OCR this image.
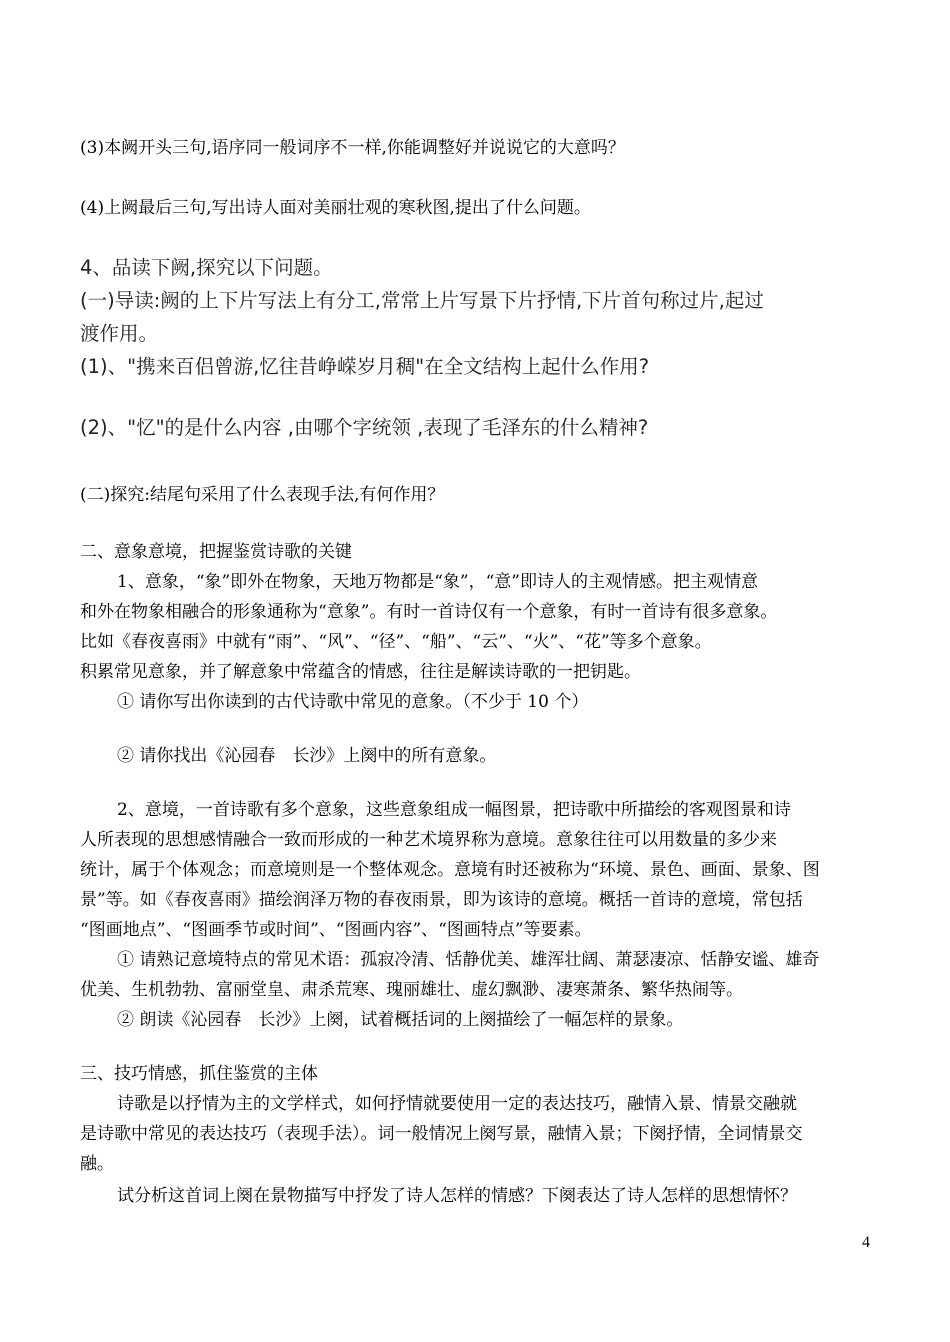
(3)本阙开头三句,语序同一般词序不一样,你能调整好并说说它的大意吗？
(4)上阙最后三句,写出诗人面对美丽壮观的寒秋图,提出了什么问题。
4、品读下阙,探究以下问题。
(一)导读:阙的上下片写法上有分工,常常上片写景下片抒情,下片首句称过片,起过
渡作用。
(1)、"携来百侣曾游,忆往昔峥嵘岁月稠"在全文结构上起什么作用?
(2)、"忆"的是什么内容 ,由哪个字统领 ,表现了毛泽东的什么精神?
(二)探究:结尾句采用了什么表现手法,有何作用？
二、意象意境，把握鉴赏诗歌的关键
1、意象，“象”即外在物象，天地万物都是“象”，“意”即诗人的主观情感。把主观情意
和外在物象相融合的形象通称为“意象”。有时一首诗仅有一个意象，有时一首诗有很多意象。
比如《春夜喜雨》中就有“雨”、“风”、“径”、“船”、“云”、“火”、“花”等多个意象。
积累常见意象，并了解意象中常蕴含的情感，往往是解读诗歌的一把钥匙。
① 请你写出你读到的古代诗歌中常见的意象。（不少于 10 个）
② 请你找出《沁园春　长沙》上阕中的所有意象。
2、意境，一首诗歌有多个意象，这些意象组成一幅图景，把诗歌中所描绘的客观图景和诗
人所表现的思想感情融合一致而形成的一种艺术境界称为意境。意象往往可以用数量的多少来
统计，属于个体观念；而意境则是一个整体观念。意境有时还被称为“环境、景色、画面、景象、图
景”等。如《春夜喜雨》描绘润泽万物的春夜雨景，即为该诗的意境。概括一首诗的意境，常包括
“图画地点”、“图画季节或时间”、“图画内容”、“图画特点”等要素。
① 请熟记意境特点的常见术语：孤寂冷清、恬静优美、雄浑壮阔、萧瑟凄凉、恬静安谧、雄奇
优美、生机勃勃、富丽堂皇、肃杀荒寒、瑰丽雄壮、虚幻飘渺、凄寒萧条、繁华热闹等。
② 朗读《沁园春　长沙》上阕，试着概括词的上阕描绘了一幅怎样的景象。
三、技巧情感，抓住鉴赏的主体
诗歌是以抒情为主的文学样式，如何抒情就要使用一定的表达技巧，融情入景、情景交融就
是诗歌中常见的表达技巧（表现手法）。词一般情况上阕写景，融情入景；下阕抒情，全词情景交
融。
试分析这首词上阕在景物描写中抒发了诗人怎样的情感？下阕表达了诗人怎样的思想情怀？
4
